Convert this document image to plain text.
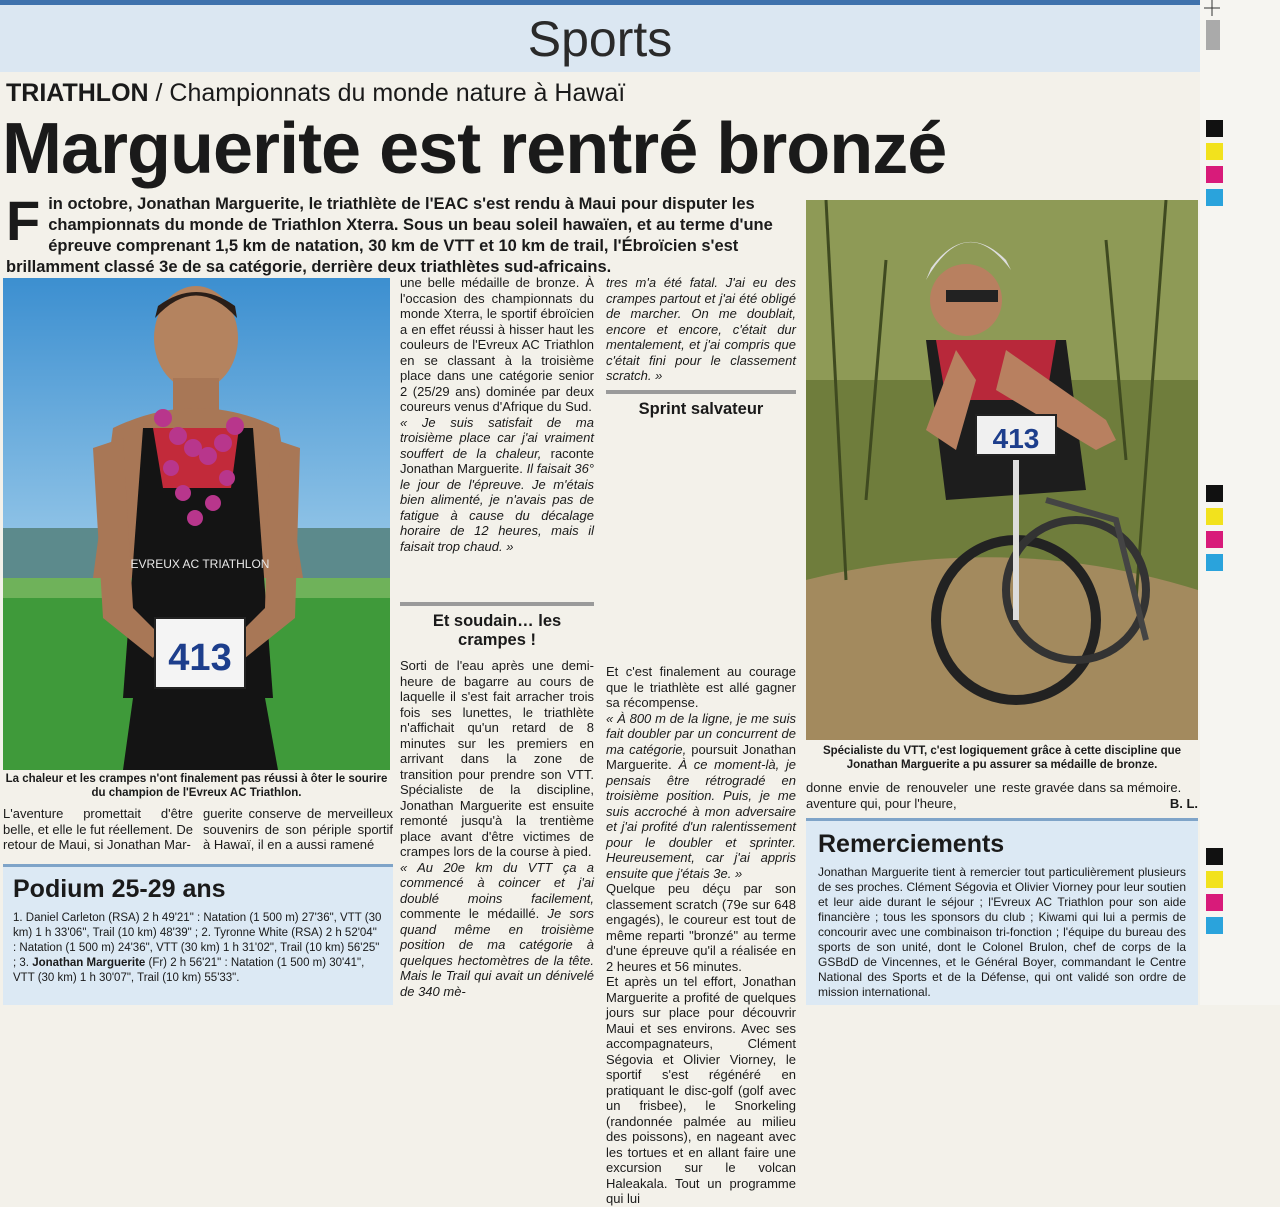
Sports
TRIATHLON / Championnats du monde nature à Hawaï
Marguerite est rentré bronzé
Fin octobre, Jonathan Marguerite, le triathlète de l'EAC s'est rendu à Maui pour disputer les championnats du monde de Triathlon Xterra. Sous un beau soleil hawaïen, et au terme d'une épreuve comprenant 1,5 km de natation, 30 km de VTT et 10 km de trail, l'Ébroïcien s'est brillamment classé 3e de sa catégorie, derrière deux triathlètes sud-africains.
413
EVREUX AC TRIATHLON
La chaleur et les crampes n'ont finalement pas réussi à ôter le sourire du champion de l'Evreux AC Triathlon.
413
Spécialiste du VTT, c'est logiquement grâce à cette discipline que Jonathan Marguerite a pu assurer sa médaille de bronze.

une belle médaille de bronze. À l'occasion des championnats du monde Xterra, le sportif ébroïcien a en effet réussi à hisser haut les couleurs de l'Evreux AC Triathlon en se classant à la troisième place dans une catégorie senior 2 (25/29 ans) dominée par deux coureurs venus d'Afrique du Sud.

« Je suis satisfait de ma troisième place car j'ai vraiment souffert de la chaleur, raconte Jonathan Marguerite. Il faisait 36° le jour de l'épreuve. Je m'étais bien alimenté, je n'avais pas de fatigue à cause du décalage horaire de 12 heures, mais il faisait trop chaud. »

Et soudain… les crampes !

Sorti de l'eau après une demi-heure de bagarre au cours de laquelle il s'est fait arracher trois fois ses lunettes, le triathlète n'affichait qu'un retard de 8 minutes sur les premiers en arrivant dans la zone de transition pour prendre son VTT. Spécialiste de la discipline, Jonathan Marguerite est ensuite remonté jusqu'à la trentième place avant d'être victimes de crampes lors de la course à pied.

« Au 20e km du VTT ça a commencé à coincer et j'ai doublé moins facilement, commente le médaillé. Je sors quand même en troisième position de ma catégorie à quelques hectomètres de la tête. Mais le Trail qui avait un dénivelé de 340 mè-

tres m'a été fatal. J'ai eu des crampes partout et j'ai été obligé de marcher. On me doublait, encore et encore, c'était dur mentalement, et j'ai compris que c'était fini pour le classement scratch. »

Sprint salvateur

Et c'est finalement au courage que le triathlète est allé gagner sa récompense.

« À 800 m de la ligne, je me suis fait doubler par un concurrent de ma catégorie, poursuit Jonathan Marguerite. À ce moment-là, je pensais être rétrogradé en troisième position. Puis, je me suis accroché à mon adversaire et j'ai profité d'un ralentissement pour le doubler et sprinter. Heureusement, car j'ai appris ensuite que j'étais 3e. »

Quelque peu déçu par son classement scratch (79e sur 648 engagés), le coureur est tout de même reparti "bronzé" au terme d'une épreuve qu'il a réalisée en 2 heures et 56 minutes.

Et après un tel effort, Jonathan Marguerite a profité de quelques jours sur place pour découvrir Maui et ses environs. Avec ses accompagnateurs, Clément Ségovia et Olivier Viorney, le sportif s'est régénéré en pratiquant le disc-golf (golf avec un frisbee), le Snorkeling (randonnée palmée au milieu des poissons), en nageant avec les tortues et en allant faire une excursion sur le volcan Haleakala. Tout un programme qui lui

L'aventure promettait d'être belle, et elle le fut réellement. De retour de Maui, si Jonathan Mar-
guerite conserve de merveilleux souvenirs de son périple sportif à Hawaï, il en a aussi ramené
Podium 25-29 ans

1. Daniel Carleton (RSA) 2 h 49'21" : Natation (1 500 m) 27'36", VTT (30 km) 1 h 33'06", Trail (10 km) 48'39" ; 2. Tyronne White (RSA) 2 h 52'04" : Natation (1 500 m) 24'36", VTT (30 km) 1 h 31'02", Trail (10 km) 56'25" ; 3. Jonathan Marguerite (Fr) 2 h 56'21" : Natation (1 500 m) 30'41", VTT (30 km) 1 h 30'07", Trail (10 km) 55'33".

donne envie de renouveler une aventure qui, pour l'heure,

reste gravée dans sa mémoire.

B. L.

Remerciements

Jonathan Marguerite tient à remercier tout particulièrement plusieurs de ses proches. Clément Ségovia et Olivier Viorney pour leur soutien et leur aide durant le séjour ; l'Evreux AC Triathlon pour son aide financière ; tous les sponsors du club ; Kiwami qui lui a permis de concourir avec une combinaison tri-fonction ; l'équipe du bureau des sports de son unité, dont le Colonel Brulon, chef de corps de la GSBdD de Vincennes, et le Général Boyer, commandant le Centre National des Sports et de la Défense, qui ont validé son ordre de mission international.
